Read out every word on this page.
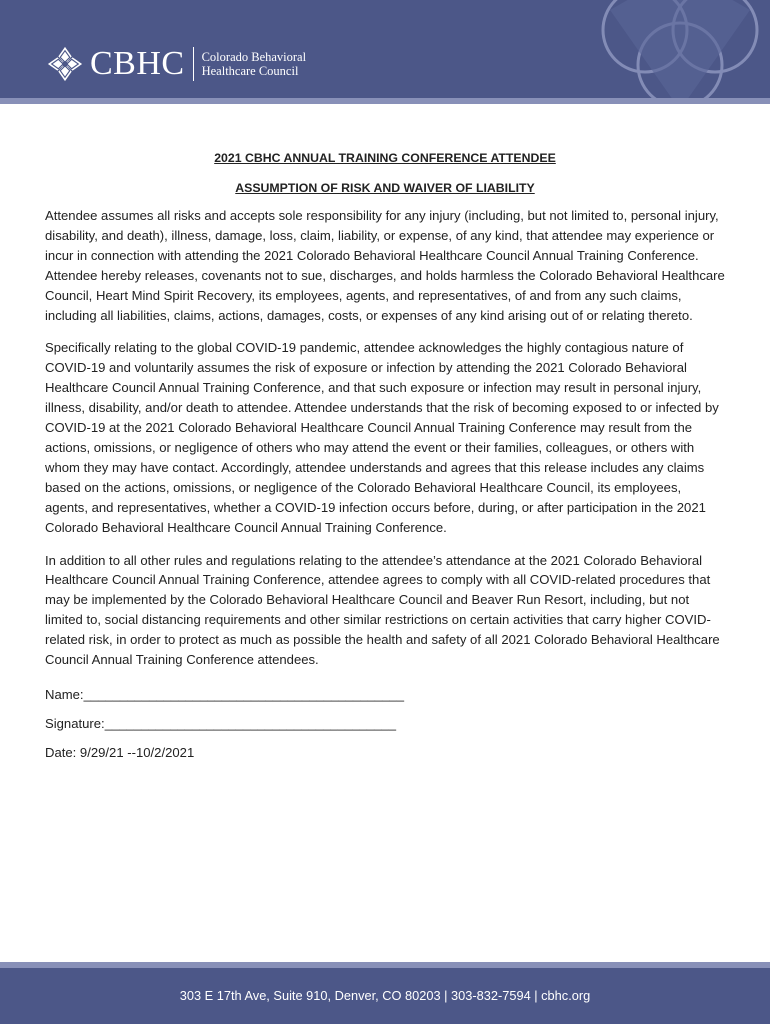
CBHC Colorado Behavioral
Healthcare Council

2021 CBHC ANNUAL TRAINING CONFERENCE ATTENDEE

ASSUMPTION OF RISK AND WAIVER OF LIABILITY

Attendee assumes all risks and accepts sole responsibility for any injury (including, but not limited to, personal injury, disability, and death), illness, damage, loss, claim, liability, or expense, of any kind, that attendee may experience or incur in connection with attending the 2021 Colorado Behavioral Healthcare Council Annual Training Conference. Attendee hereby releases, covenants not to sue, discharges, and holds harmless the Colorado Behavioral Healthcare Council, Heart Mind Spirit Recovery, its employees, agents, and representatives, of and from any such claims, including all liabilities, claims, actions, damages, costs, or expenses of any kind arising out of or relating thereto.

Specifically relating to the global COVID-19 pandemic, attendee acknowledges the highly contagious nature of COVID-19 and voluntarily assumes the risk of exposure or infection by attending the 2021 Colorado Behavioral Healthcare Council Annual Training Conference, and that such exposure or infection may result in personal injury, illness, disability, and/or death to attendee. Attendee understands that the risk of becoming exposed to or infected by COVID-19 at the 2021 Colorado Behavioral Healthcare Council Annual Training Conference may result from the actions, omissions, or negligence of others who may attend the event or their families, colleagues, or others with whom they may have contact. Accordingly, attendee understands and agrees that this release includes any claims based on the actions, omissions, or negligence of the Colorado Behavioral Healthcare Council, its employees, agents, and representatives, whether a COVID-19 infection occurs before, during, or after participation in the 2021 Colorado Behavioral Healthcare Council Annual Training Conference.

In addition to all other rules and regulations relating to the attendee’s attendance at the 2021 Colorado Behavioral Healthcare Council Annual Training Conference, attendee agrees to comply with all COVID-related procedures that may be implemented by the Colorado Behavioral Healthcare Council and Beaver Run Resort, including, but not limited to, social distancing requirements and other similar restrictions on certain activities that carry higher COVID-related risk, in order to protect as much as possible the health and safety of all 2021 Colorado Behavioral Healthcare Council Annual Training Conference attendees.

Name:____________________________________________

Signature:________________________________________

Date: 9/29/21 --10/2/2021

303 E 17th Ave, Suite 910, Denver, CO 80203 | 303-832-7594 | cbhc.org
